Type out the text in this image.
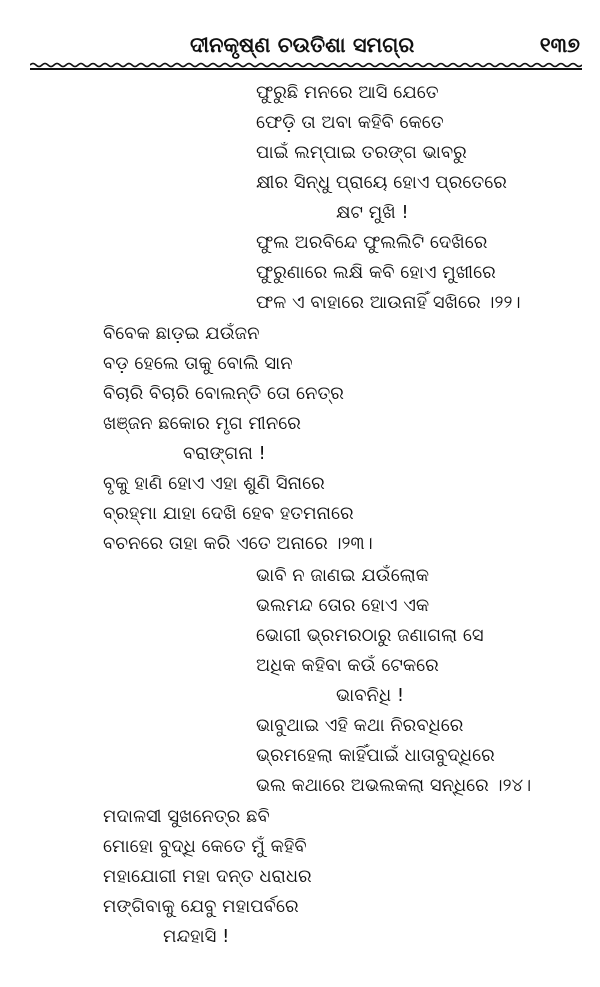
ଦୀନକୃଷ୍ଣ ଚଉତିଶା ସମଗ୍ର	୧୩୭
ଫୁରୁଛି ମନରେ ଆସି ଯେତେ
ଫେଡ଼ି ତା ଅବା କହିବି କେତେ
ପାଇଁ ଲମ୍ପାଇ ତରଙ୍ଗ ଭାବରୁ
କ୍ଷୀର ସିନ୍ଧୁ ପ୍ରାୟେ ହୋଏ ପ୍ରତେରେ
କ୍ଷଟ ମୁଖି !
ଫୁଲ ଅରବିନ୍ଦେ ଫୁଲଲିଟି ଦେଖିରେ
ଫୁରୁଣାରେ ଲକ୍ଷି କବି ହୋଏ ମୁଖୀରେ
ଫଳ ଏ ବାହାରେ ଆଉନାହିଁ ସଖିରେ ।୨୨।
ବିବେକ ଛାଡ଼ଇ ଯଉଁଜନ
ବଡ଼ ହେଲେ ତାକୁ ବୋଲି ସାନ
ବିଚାରି ବିଚାରି ବୋଲନ୍ତି ତୋ ନେତ୍ର
ଖଞ୍ଜନ ଛକୋର ମୃଗ ମୀନରେ
ବରାଙ୍ଗନା !
ବୃକୁ ହାଣି ହୋଏ ଏହା ଶୁଣି ସିନାରେ
ବ୍ରହ୍ମା ଯାହା ଦେଖି ହେବ ହତମନାରେ
ବଚନରେ ତାହା କରି ଏତେ ଅନାରେ ।୨୩।
ଭାବି ନ ଜାଣଇ ଯଉଁଲୋକ
ଭଲମନ୍ଦ ତୋର ହୋଏ ଏକ
ଭୋଗୀ ଭ୍ରମରଠାରୁ ଜଣାଗଲା ସେ
ଅଧିକ କହିବା କଉଁ ଟେକରେ
ଭାବନିଧି !
ଭାବୁଥାଇ ଏହି କଥା ନିରବଧିରେ
ଭ୍ରମହେଲା କାହିଁପାଇଁ ଧାତାବୁଦ୍ଧିରେ
ଭଲ କଥାରେ ଅଭଲକଲା ସନ୍ଧିରେ ।୨୪।
ମଦାଳସୀ ସୁଖନେତ୍ର ଛବି
ମୋହୋ ବୁଦ୍ଧି କେତେ ମୁଁ କହିବି
ମହାଯୋଗୀ ମହା ଦନ୍ତ ଧରାଧର
ମଙ୍ଗିବାକୁ ଯେବୁ ମହାପର୍ବରେ
ମନ୍ଦହାସି !
